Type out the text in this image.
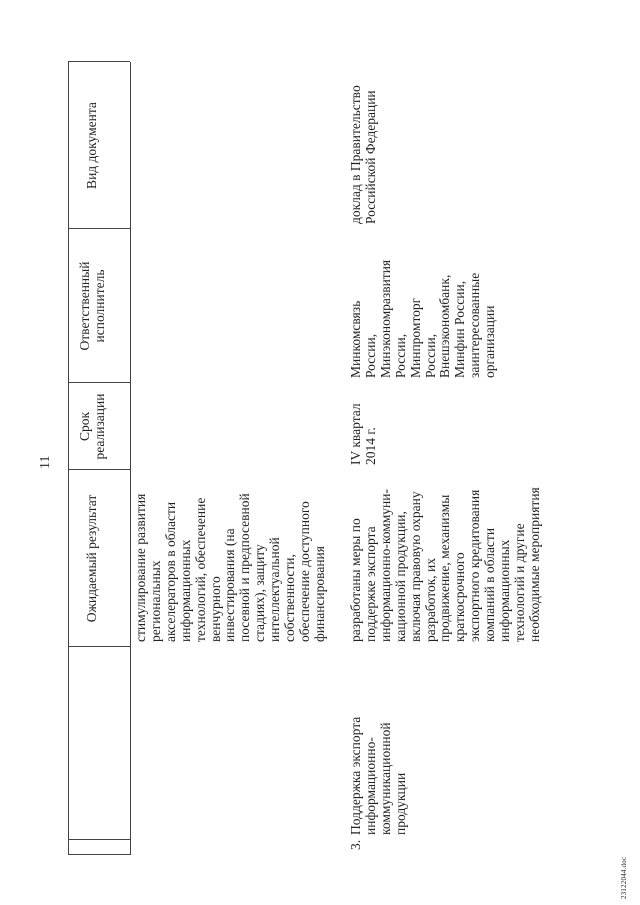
11
Ожидаемый результат
Срок реализации
Ответственный исполнитель
Вид документа
стимулирование развития региональных акселераторов в области информационных технологий, обеспечение венчурного инвестирования (на посевной и предпосевной стадиях), защиту интеллектуальной собственности, обеспечение доступного финансирования
3.
Поддержка экспорта информационно- коммуникационной продукции
разработаны меры по поддержке экспорта информационно-коммуни- кационной продукции, включая правовую охрану разработок, их продвижение, механизмы краткосрочного экспортного кредитования компаний в области информационных технологий и другие необходимые мероприятия
IV квартал 2014 г.
Минкомсвязь России, Минэкономразвития России, Минпромторг России, Внешэкономбанк, Минфин России, заинтересованные организации
доклад в Правительство Российской Федерации
23122044.doc
